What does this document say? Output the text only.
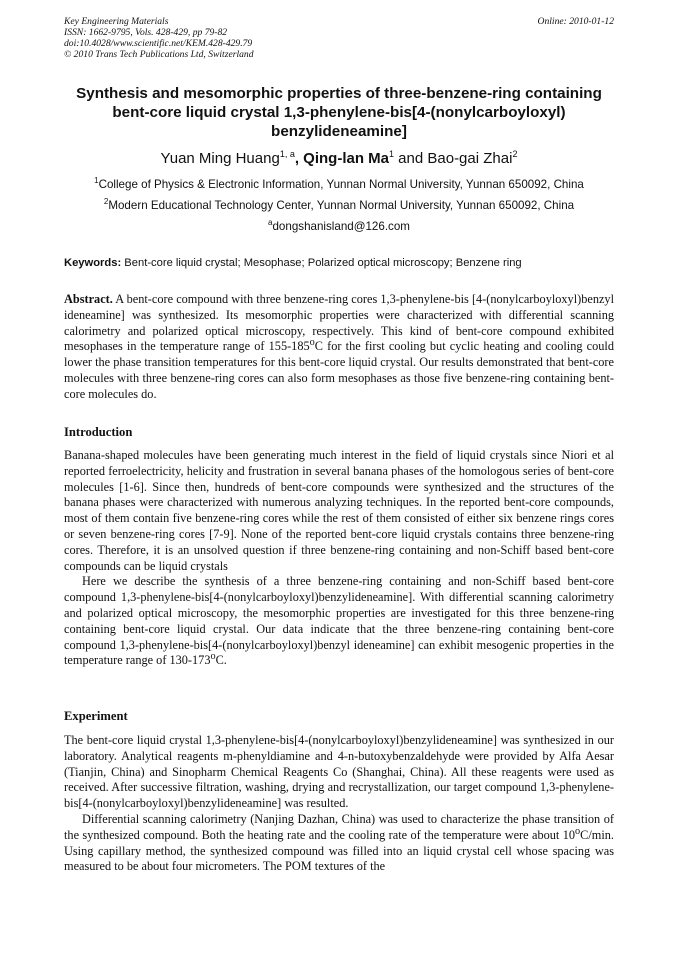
Key Engineering Materials
ISSN: 1662-9795, Vols. 428-429, pp 79-82
doi:10.4028/www.scientific.net/KEM.428-429.79
© 2010 Trans Tech Publications Ltd, Switzerland
Online: 2010-01-12
Synthesis and mesomorphic properties of three-benzene-ring containing bent-core liquid crystal 1,3-phenylene-bis[4-(nonylcarboyloxyl) benzylideneamine]
Yuan Ming Huang$^{1, a}$, Qing-lan Ma$^1$ and Bao-gai Zhai$^2$
$^1$College of Physics & Electronic Information, Yunnan Normal University, Yunnan 650092, China
$^2$Modern Educational Technology Center, Yunnan Normal University, Yunnan 650092, China
$^a$dongshanisland@126.com
Keywords: Bent-core liquid crystal; Mesophase; Polarized optical microscopy; Benzene ring
Abstract. A bent-core compound with three benzene-ring cores 1,3-phenylene-bis [4-(nonylcarboyloxyl)benzyl ideneamine] was synthesized. Its mesomorphic properties were characterized with differential scanning calorimetry and polarized optical microscopy, respectively. This kind of bent-core compound exhibited mesophases in the temperature range of 155-185$^o$C for the first cooling but cyclic heating and cooling could lower the phase transition temperatures for this bent-core liquid crystal. Our results demonstrated that bent-core molecules with three benzene-ring cores can also form mesophases as those five benzene-ring containing bent-core molecules do.
Introduction
Banana-shaped molecules have been generating much interest in the field of liquid crystals since Niori et al reported ferroelectricity, helicity and frustration in several banana phases of the homologous series of bent-core molecules [1-6]. Since then, hundreds of bent-core compounds were synthesized and the structures of the banana phases were characterized with numerous analyzing techniques. In the reported bent-core compounds, most of them contain five benzene-ring cores while the rest of them consisted of either six benzene rings cores or seven benzene-ring cores [7-9]. None of the reported bent-core liquid crystals contains three benzene-ring cores. Therefore, it is an unsolved question if three benzene-ring containing and non-Schiff based bent-core compounds can be liquid crystals
Here we describe the synthesis of a three benzene-ring containing and non-Schiff based bent-core compound 1,3-phenylene-bis[4-(nonylcarboyloxyl)benzylideneamine]. With differential scanning calorimetry and polarized optical microscopy, the mesomorphic properties are investigated for this three benzene-ring containing bent-core liquid crystal. Our data indicate that the three benzene-ring containing bent-core compound 1,3-phenylene-bis[4-(nonylcarboyloxyl)benzyl ideneamine] can exhibit mesogenic properties in the temperature range of 130-173$^o$C.
Experiment
The bent-core liquid crystal 1,3-phenylene-bis[4-(nonylcarboyloxyl)benzylideneamine] was synthesized in our laboratory. Analytical reagents m-phenyldiamine and 4-n-butoxybenzaldehyde were provided by Alfa Aesar (Tianjin, China) and Sinopharm Chemical Reagents Co (Shanghai, China). All these reagents were used as received. After successive filtration, washing, drying and recrystallization, our target compound 1,3-phenylene-bis[4-(nonylcarboyloxyl)benzylideneamine] was resulted.
Differential scanning calorimetry (Nanjing Dazhan, China) was used to characterize the phase transition of the synthesized compound. Both the heating rate and the cooling rate of the temperature were about 10$^o$C/min. Using capillary method, the synthesized compound was filled into an liquid crystal cell whose spacing was measured to be about four micrometers. The POM textures of the
